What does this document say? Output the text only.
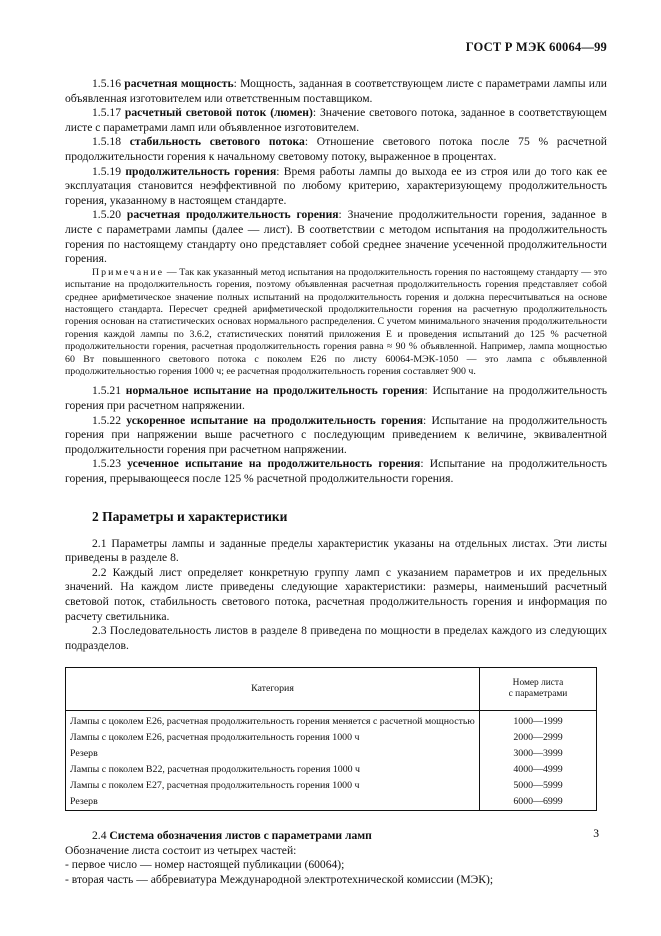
ГОСТ Р МЭК 60064—99

1.5.16 расчетная мощность: Мощность, заданная в соответствующем листе с параметрами лампы или объявленная изготовителем или ответственным поставщиком.

1.5.17 расчетный световой поток (люмен): Значение светового потока, заданное в соответствующем листе с параметрами ламп или объявленное изготовителем.

1.5.18 стабильность светового потока: Отношение светового потока после 75 % расчетной продолжительности горения к начальному световому потоку, выраженное в процентах.

1.5.19 продолжительность горения: Время работы лампы до выхода ее из строя или до того как ее эксплуатация становится неэффективной по любому критерию, характеризующему продолжительность горения, указанному в настоящем стандарте.

1.5.20 расчетная продолжительность горения: Значение продолжительности горения, заданное в листе с параметрами лампы (далее — лист). В соответствии с методом испытания на продолжительность горения по настоящему стандарту оно представляет собой среднее значение усеченной продолжительности горения.

Примечание — Так как указанный метод испытания на продолжительность горения по настоящему стандарту — это испытание на продолжительность горения, поэтому объявленная расчетная продолжительность горения представляет собой среднее арифметическое значение полных испытаний на продолжительность горения и должна пересчитываться на основе настоящего стандарта. Пересчет средней арифметической продолжительности горения на расчетную продолжительность горения основан на статистических основах нормального распределения. С учетом минимального значения продолжительности горения каждой лампы по 3.6.2, статистических понятий приложения Е и проведения испытаний до 125 % расчетной продолжительности горения, расчетная продолжительность горения равна ≈ 90 % объявленной. Например, лампа мощностью 60 Вт повышенного светового потока с поколем E26 по листу 60064-МЭК-1050 — это лампа с объявленной продолжительностью горения 1000 ч; ее расчетная продолжительность горения составляет 900 ч.

1.5.21 нормальное испытание на продолжительность горения: Испытание на продолжительность горения при расчетном напряжении.

1.5.22 ускоренное испытание на продолжительность горения: Испытание на продолжительность горения при напряжении выше расчетного с последующим приведением к величине, эквивалентной продолжительности горения при расчетном напряжении.

1.5.23 усеченное испытание на продолжительность горения: Испытание на продолжительность горения, прерывающееся после 125 % расчетной продолжительности горения.

2 Параметры и характеристики

2.1 Параметры лампы и заданные пределы характеристик указаны на отдельных листах. Эти листы приведены в разделе 8.

2.2 Каждый лист определяет конкретную группу ламп с указанием параметров и их предельных значений. На каждом листе приведены следующие характеристики: размеры, наименьший расчетный световой поток, стабильность светового потока, расчетная продолжительность горения и информация по расчету светильника.

2.3 Последовательность листов в разделе 8 приведена по мощности в пределах каждого из следующих подразделов.

Категория	Номер листа
с параметрами
Лампы с цоколем E26, расчетная продолжительность горения меняется с расчетной мощностью	1000—1999
Лампы с цоколем E26, расчетная продолжительность горения 1000 ч	2000—2999
Резерв	3000—3999
Лампы с поколем B22, расчетная продолжительность горения 1000 ч	4000—4999
Лампы с поколем E27, расчетная продолжительность горения 1000 ч	5000—5999
Резерв	6000—6999

2.4 Система обозначения листов с параметрами ламп

Обозначение листа состоит из четырех частей:

- первое число — номер настоящей публикации (60064);

- вторая часть — аббревиатура Международной электротехнической комиссии (МЭК);

3
